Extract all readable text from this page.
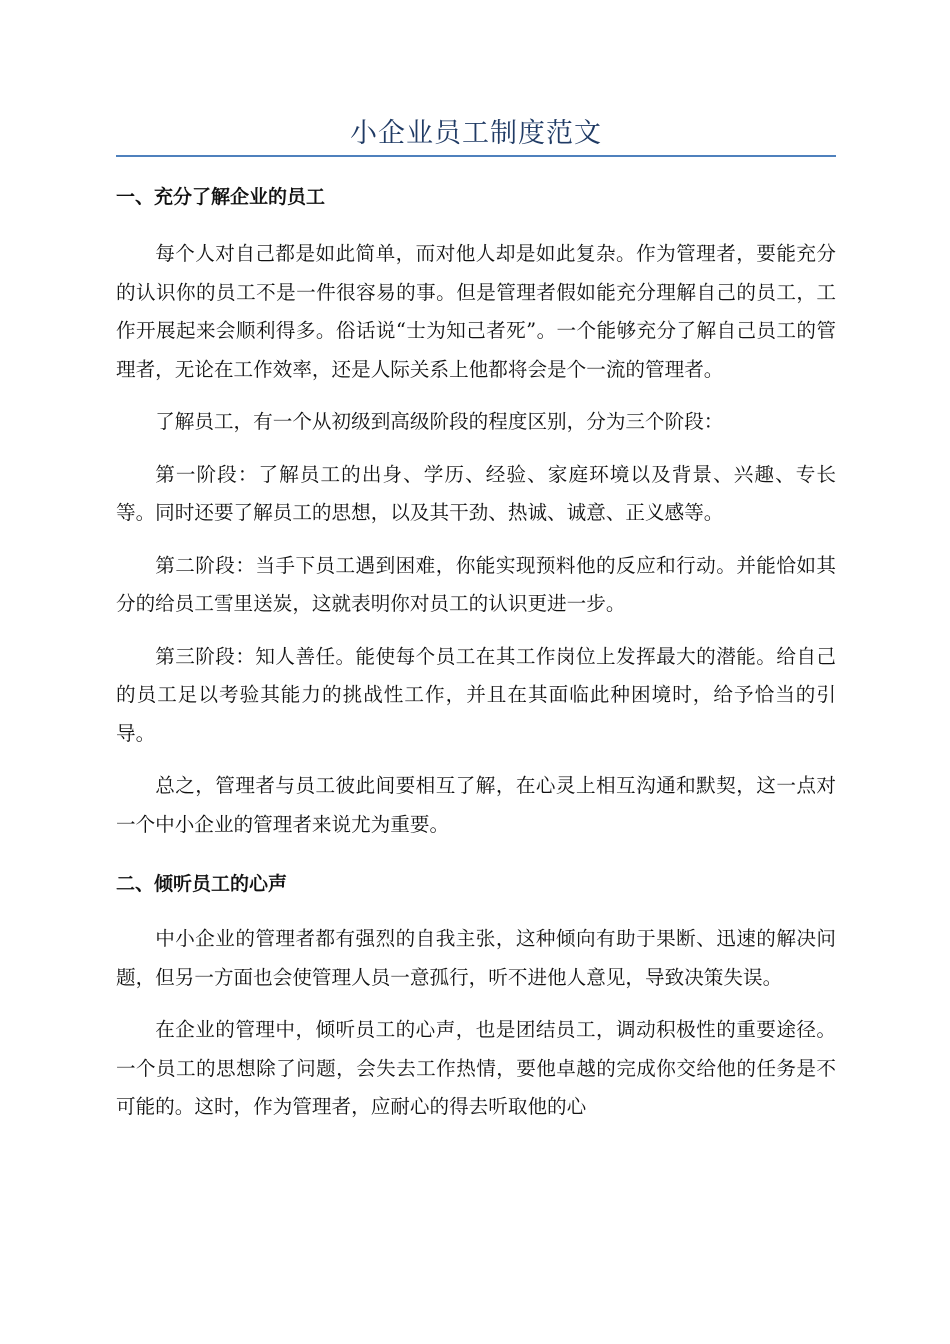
小企业员工制度范文
一、充分了解企业的员工

每个人对自己都是如此简单，而对他人却是如此复杂。作为管理者，要能充分的认识你的员工不是一件很容易的事。但是管理者假如能充分理解自己的员工，工作开展起来会顺利得多。俗话说“士为知己者死”。一个能够充分了解自己员工的管理者，无论在工作效率，还是人际关系上他都将会是个一流的管理者。

了解员工，有一个从初级到高级阶段的程度区别，分为三个阶段：

第一阶段：了解员工的出身、学历、经验、家庭环境以及背景、兴趣、专长等。同时还要了解员工的思想，以及其干劲、热诚、诚意、正义感等。

第二阶段：当手下员工遇到困难，你能实现预料他的反应和行动。并能恰如其分的给员工雪里送炭，这就表明你对员工的认识更进一步。

第三阶段：知人善任。能使每个员工在其工作岗位上发挥最大的潜能。给自己的员工足以考验其能力的挑战性工作，并且在其面临此种困境时，给予恰当的引导。

总之，管理者与员工彼此间要相互了解，在心灵上相互沟通和默契，这一点对一个中小企业的管理者来说尤为重要。

二、倾听员工的心声

中小企业的管理者都有强烈的自我主张，这种倾向有助于果断、迅速的解决问题，但另一方面也会使管理人员一意孤行，听不进他人意见，导致决策失误。

在企业的管理中，倾听员工的心声，也是团结员工，调动积极性的重要途径。一个员工的思想除了问题，会失去工作热情，要他卓越的完成你交给他的任务是不可能的。这时，作为管理者，应耐心的得去听取他的心
